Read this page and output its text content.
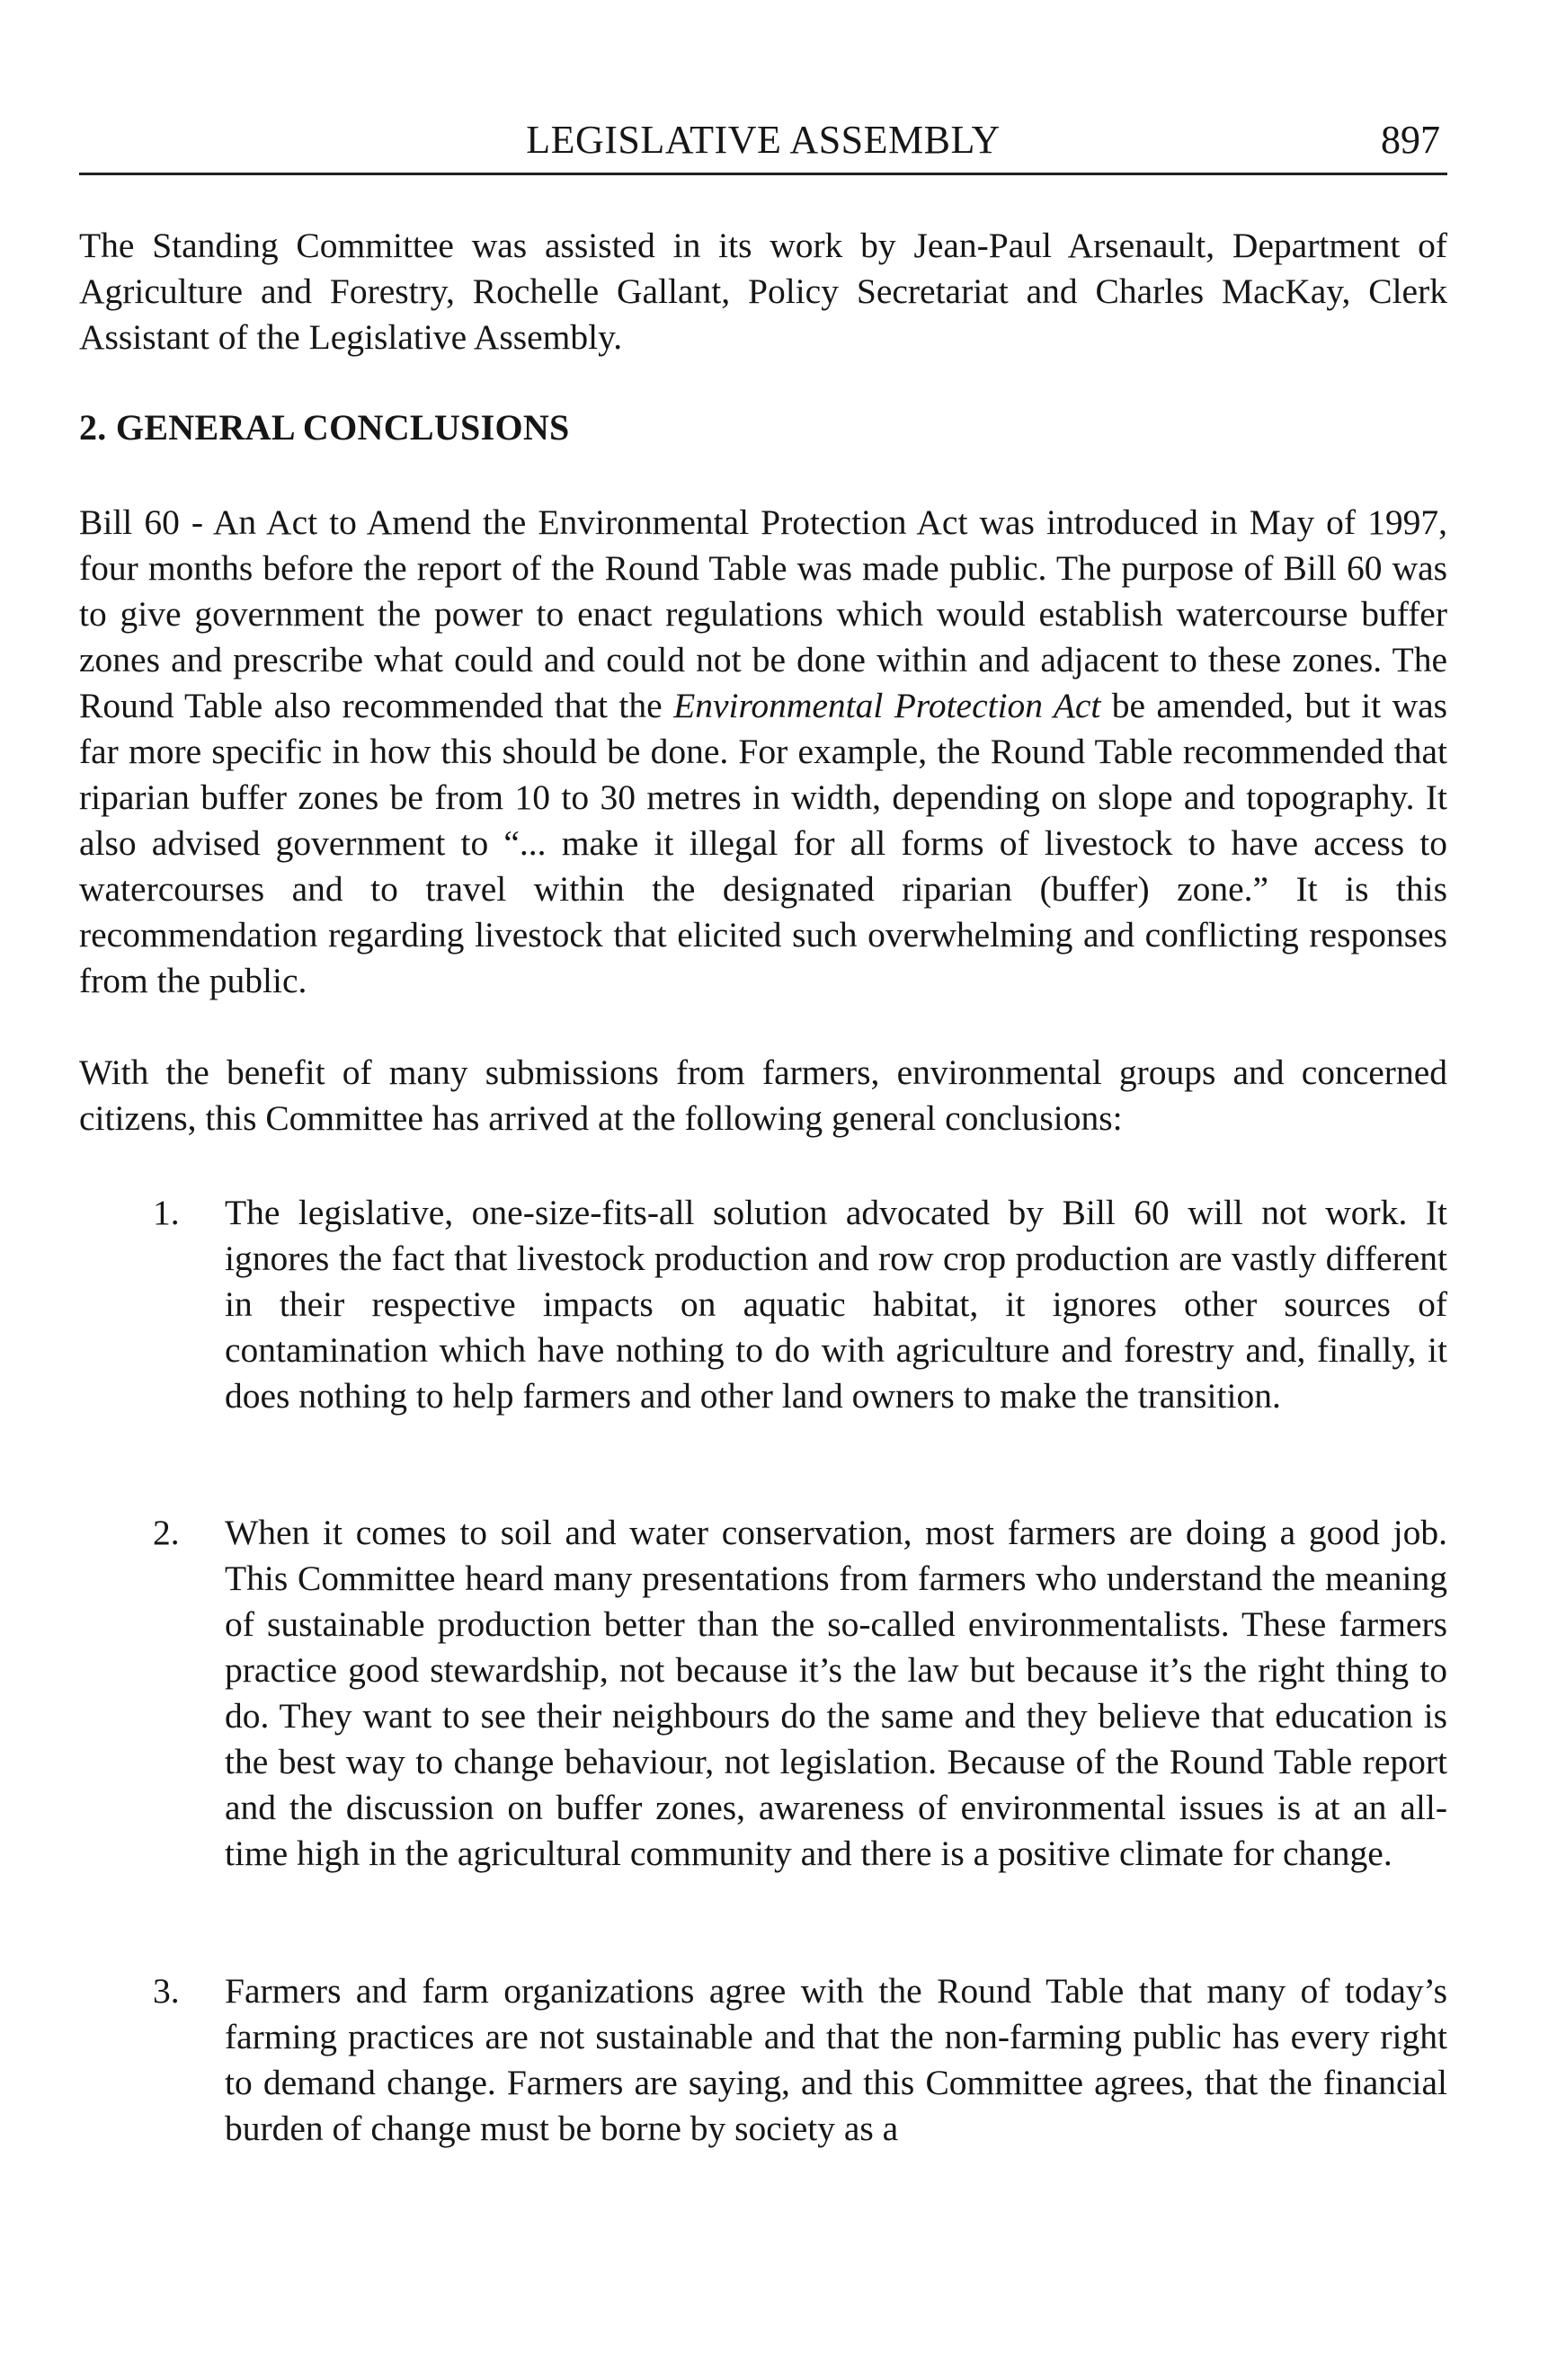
LEGISLATIVE ASSEMBLY	897
The Standing Committee was assisted in its work by Jean-Paul Arsenault, Department of Agriculture and Forestry, Rochelle Gallant, Policy Secretariat and Charles MacKay, Clerk Assistant of the Legislative Assembly.
2. GENERAL CONCLUSIONS
Bill 60 - An Act to Amend the Environmental Protection Act was introduced in May of 1997, four months before the report of the Round Table was made public. The purpose of Bill 60 was to give government the power to enact regulations which would establish watercourse buffer zones and prescribe what could and could not be done within and adjacent to these zones. The Round Table also recommended that the Environmental Protection Act be amended, but it was far more specific in how this should be done. For example, the Round Table recommended that riparian buffer zones be from 10 to 30 metres in width, depending on slope and topography. It also advised government to “... make it illegal for all forms of livestock to have access to watercourses and to travel within the designated riparian (buffer) zone.” It is this recommendation regarding livestock that elicited such overwhelming and conflicting responses from the public.
With the benefit of many submissions from farmers, environmental groups and concerned citizens, this Committee has arrived at the following general conclusions:
1. The legislative, one-size-fits-all solution advocated by Bill 60 will not work. It ignores the fact that livestock production and row crop production are vastly different in their respective impacts on aquatic habitat, it ignores other sources of contamination which have nothing to do with agriculture and forestry and, finally, it does nothing to help farmers and other land owners to make the transition.
2. When it comes to soil and water conservation, most farmers are doing a good job. This Committee heard many presentations from farmers who understand the meaning of sustainable production better than the so-called environmentalists. These farmers practice good stewardship, not because it’s the law but because it’s the right thing to do. They want to see their neighbours do the same and they believe that education is the best way to change behaviour, not legislation. Because of the Round Table report and the discussion on buffer zones, awareness of environmental issues is at an all-time high in the agricultural community and there is a positive climate for change.
3. Farmers and farm organizations agree with the Round Table that many of today’s farming practices are not sustainable and that the non-farming public has every right to demand change. Farmers are saying, and this Committee agrees, that the financial burden of change must be borne by society as a
